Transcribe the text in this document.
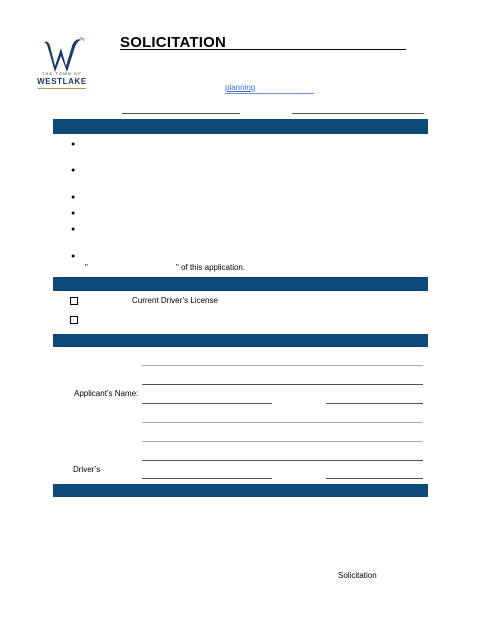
THE TOWN OF
WESTLAKE
SOLICITATION
planning
●
●
●
●
●
●
"	" of this application.
Current Driver’s License
Applicant’s Name:
Driver’s
Solicitation
